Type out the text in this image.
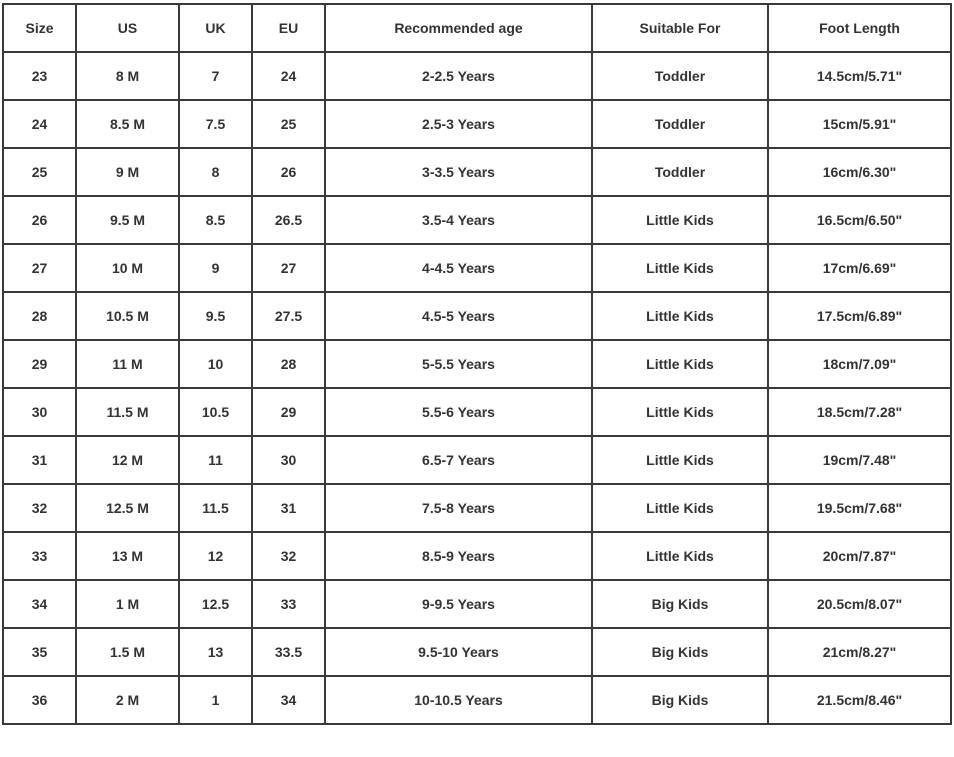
Size	US	UK	EU	Recommended age	Suitable For	Foot Length
23	8 M	7	24	2-2.5 Years	Toddler	14.5cm/5.71"
24	8.5 M	7.5	25	2.5-3 Years	Toddler	15cm/5.91"
25	9 M	8	26	3-3.5 Years	Toddler	16cm/6.30"
26	9.5 M	8.5	26.5	3.5-4 Years	Little Kids	16.5cm/6.50"
27	10 M	9	27	4-4.5 Years	Little Kids	17cm/6.69"
28	10.5 M	9.5	27.5	4.5-5 Years	Little Kids	17.5cm/6.89"
29	11 M	10	28	5-5.5 Years	Little Kids	18cm/7.09"
30	11.5 M	10.5	29	5.5-6 Years	Little Kids	18.5cm/7.28"
31	12 M	11	30	6.5-7 Years	Little Kids	19cm/7.48"
32	12.5 M	11.5	31	7.5-8 Years	Little Kids	19.5cm/7.68"
33	13 M	12	32	8.5-9 Years	Little Kids	20cm/7.87"
34	1 M	12.5	33	9-9.5 Years	Big Kids	20.5cm/8.07"
35	1.5 M	13	33.5	9.5-10 Years	Big Kids	21cm/8.27"
36	2 M	1	34	10-10.5 Years	Big Kids	21.5cm/8.46"
